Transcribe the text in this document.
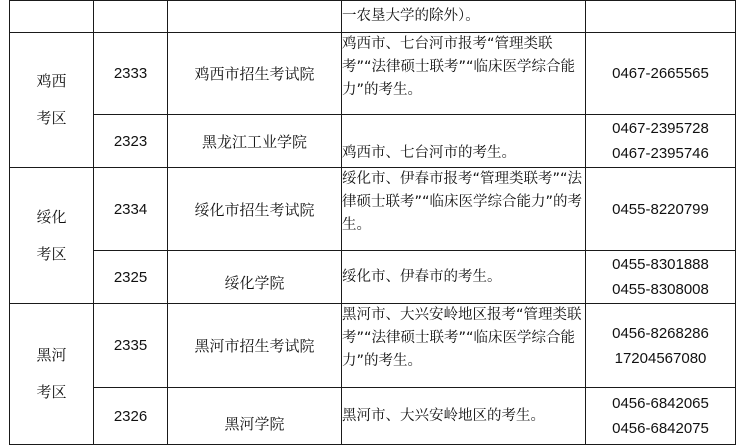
			一农垦大学的除外）。	

鸡西
考区	2333	鸡西市招生考试院	鸡西市、七台河市报考“管理类联考”“法律硕士联考”“临床医学综合能力”的考生。	0467-2665565

	2323	黑龙江工业学院	鸡西市、七台河市的考生。	0467-2395728
0467-2395746

绥化
考区	2334	绥化市招生考试院	绥化市、伊春市报考“管理类联考”“法律硕士联考”“临床医学综合能力”的考生。	0455-8220799

	2325	绥化学院	绥化市、伊春市的考生。	0455-8301888
0455-8308008

黑河
考区	2335	黑河市招生考试院	黑河市、大兴安岭地区报考“管理类联考”“法律硕士联考”“临床医学综合能力”的考生。	0456-8268286
17204567080

	2326	黑河学院	黑河市、大兴安岭地区的考生。	0456-6842065
0456-6842075
